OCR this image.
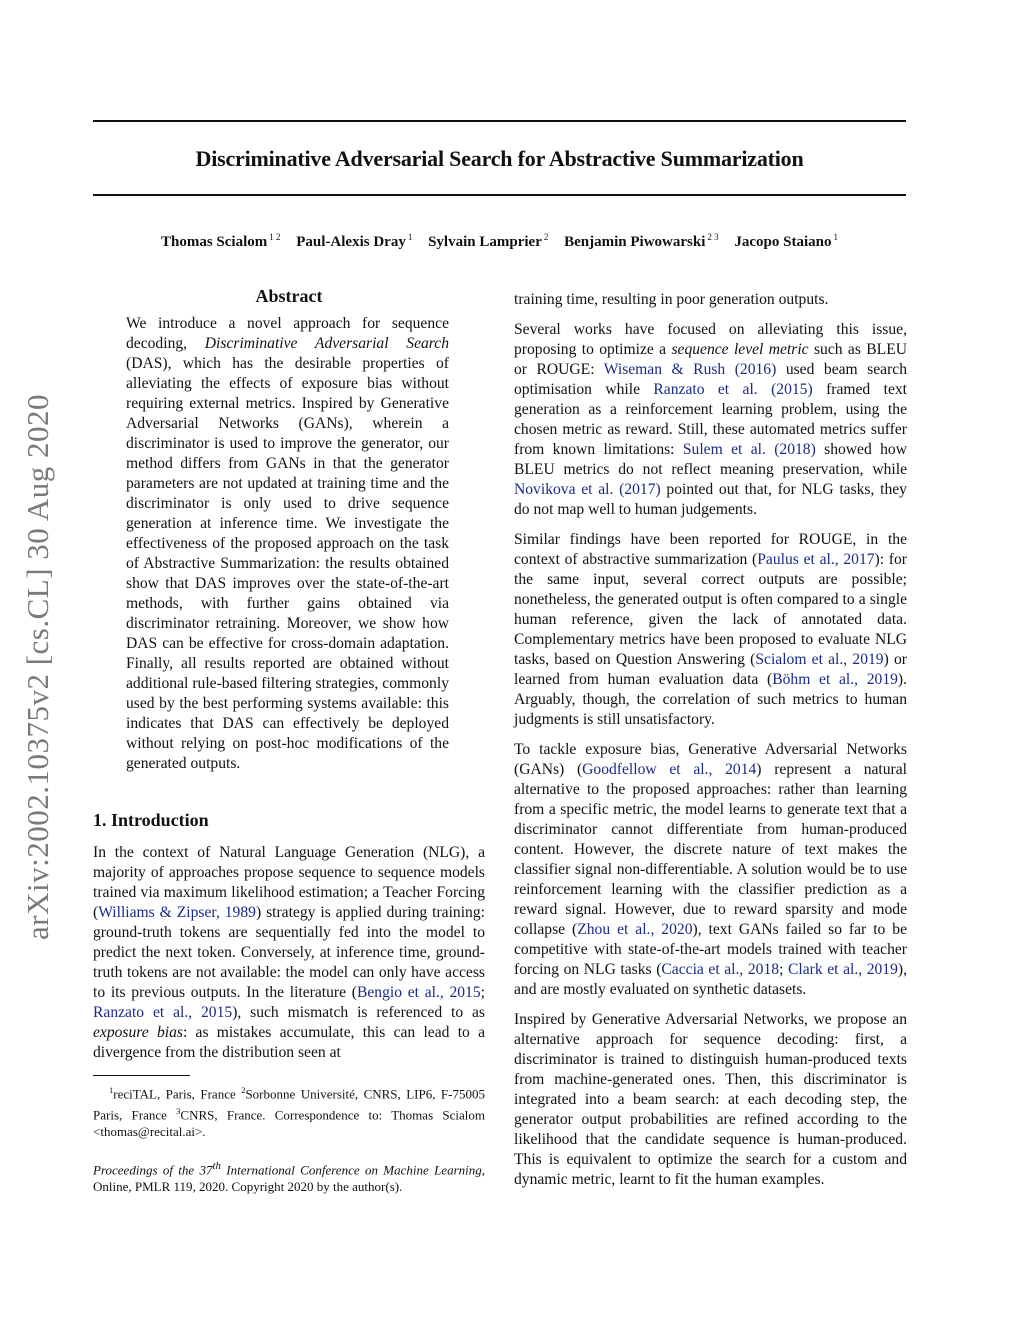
Discriminative Adversarial Search for Abstractive Summarization
Thomas Scialom $^{1 2}$ Paul-Alexis Dray $^1$ Sylvain Lamprier $^2$ Benjamin Piwowarski $^{2 3}$ Jacopo Staiano $^1$
arXiv:2002.10375v2 [cs.CL] 30 Aug 2020
Abstract
We introduce a novel approach for sequence decoding, Discriminative Adversarial Search (DAS), which has the desirable properties of alleviating the effects of exposure bias without requiring external metrics. Inspired by Generative Adversarial Networks (GANs), wherein a discriminator is used to improve the generator, our method differs from GANs in that the generator parameters are not updated at training time and the discriminator is only used to drive sequence generation at inference time. We investigate the effectiveness of the proposed approach on the task of Abstractive Summarization: the results obtained show that DAS improves over the state-of-the-art methods, with further gains obtained via discriminator retraining. Moreover, we show how DAS can be effective for cross-domain adaptation. Finally, all results reported are obtained without additional rule-based filtering strategies, commonly used by the best performing systems available: this indicates that DAS can effectively be deployed without relying on post-hoc modifications of the generated outputs.
1. Introduction

In the context of Natural Language Generation (NLG), a majority of approaches propose sequence to sequence models trained via maximum likelihood estimation; a Teacher Forcing (Williams & Zipser, 1989) strategy is applied during training: ground-truth tokens are sequentially fed into the model to predict the next token. Conversely, at inference time, ground-truth tokens are not available: the model can only have access to its previous outputs. In the literature (Bengio et al., 2015; Ranzato et al., 2015), such mismatch is referenced to as exposure bias: as mistakes accumulate, this can lead to a divergence from the distribution seen at

$^1$reciTAL, Paris, France $^2$Sorbonne Université, CNRS, LIP6, F-75005 Paris, France $^3$CNRS, France. Correspondence to: Thomas Scialom <thomas@recital.ai>.

Proceedings of the 37th International Conference on Machine Learning, Online, PMLR 119, 2020. Copyright 2020 by the author(s).

training time, resulting in poor generation outputs.

Several works have focused on alleviating this issue, proposing to optimize a sequence level metric such as BLEU or ROUGE: Wiseman & Rush (2016) used beam search optimisation while Ranzato et al. (2015) framed text generation as a reinforcement learning problem, using the chosen metric as reward. Still, these automated metrics suffer from known limitations: Sulem et al. (2018) showed how BLEU metrics do not reflect meaning preservation, while Novikova et al. (2017) pointed out that, for NLG tasks, they do not map well to human judgements.

Similar findings have been reported for ROUGE, in the context of abstractive summarization (Paulus et al., 2017): for the same input, several correct outputs are possible; nonetheless, the generated output is often compared to a single human reference, given the lack of annotated data. Complementary metrics have been proposed to evaluate NLG tasks, based on Question Answering (Scialom et al., 2019) or learned from human evaluation data (Böhm et al., 2019). Arguably, though, the correlation of such metrics to human judgments is still unsatisfactory.

To tackle exposure bias, Generative Adversarial Networks (GANs) (Goodfellow et al., 2014) represent a natural alternative to the proposed approaches: rather than learning from a specific metric, the model learns to generate text that a discriminator cannot differentiate from human-produced content. However, the discrete nature of text makes the classifier signal non-differentiable. A solution would be to use reinforcement learning with the classifier prediction as a reward signal. However, due to reward sparsity and mode collapse (Zhou et al., 2020), text GANs failed so far to be competitive with state-of-the-art models trained with teacher forcing on NLG tasks (Caccia et al., 2018; Clark et al., 2019), and are mostly evaluated on synthetic datasets.

Inspired by Generative Adversarial Networks, we propose an alternative approach for sequence decoding: first, a discriminator is trained to distinguish human-produced texts from machine-generated ones. Then, this discriminator is integrated into a beam search: at each decoding step, the generator output probabilities are refined according to the likelihood that the candidate sequence is human-produced. This is equivalent to optimize the search for a custom and dynamic metric, learnt to fit the human examples.
